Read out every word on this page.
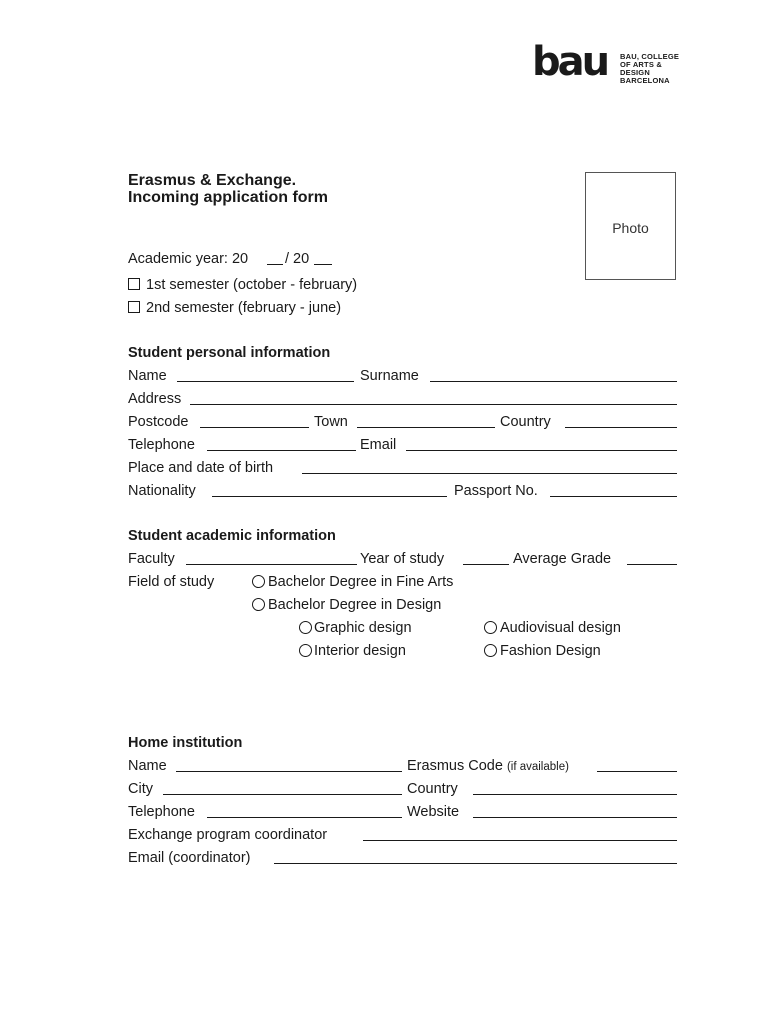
bau BAU, COLLEGE
OF ARTS & DESIGN
BARCELONA
Erasmus & Exchange.
Incoming application form
Photo
Academic year: 20	/ 20
1st semester (october - february)
2nd semester (february - june)
Student personal information
Name	Surname
Address
Postcode	Town	Country
Telephone	Email
Place and date of birth
Nationality	Passport No.
Student academic information
Faculty	Year of study	Average Grade
Field of study	Bachelor Degree in Fine Arts
Bachelor Degree in Design
Graphic design	Audiovisual design
Interior design	Fashion Design
Home institution
Name	Erasmus Code (if available)
City	Country
Telephone	Website
Exchange program coordinator
Email (coordinator)
